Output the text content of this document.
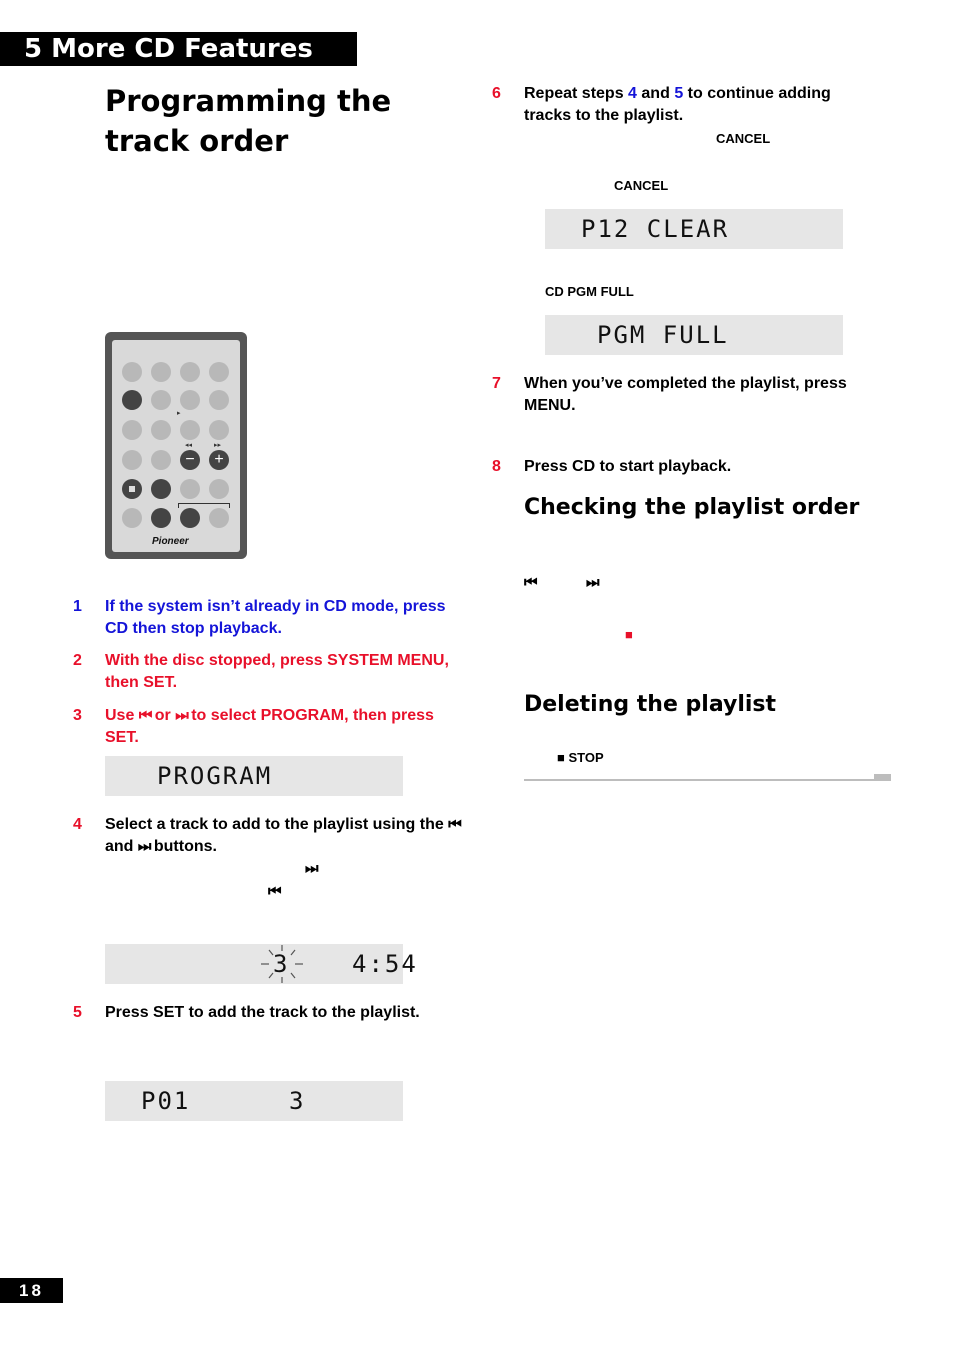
5 More CD Features
Programming the track order
▸
◂◂	▸▸
−	+
Pioneer
1 If the system isn’t already in CD mode, press CD then stop playback.
2 With the disc stopped, press SYSTEM MENU, then SET.
3 Use ⏮ or ⏭ to select PROGRAM, then press SET.
PROGRAM
4 Select a track to add to the playlist using the ⏮ and ⏭ buttons.
⏭
⏮

3

	4:54

5 Press SET to add the track to the playlist.
P01      3
6 Repeat steps 4 and 5 to continue adding tracks to the playlist.
CANCEL
CANCEL
P12 CLEAR
CD PGM FULL
PGM FULL
7 When you’ve completed the playlist, press MENU.
8 Press CD to start playback.
Checking the playlist order
⏮	⏭
■
Deleting the playlist
■ STOP
18
